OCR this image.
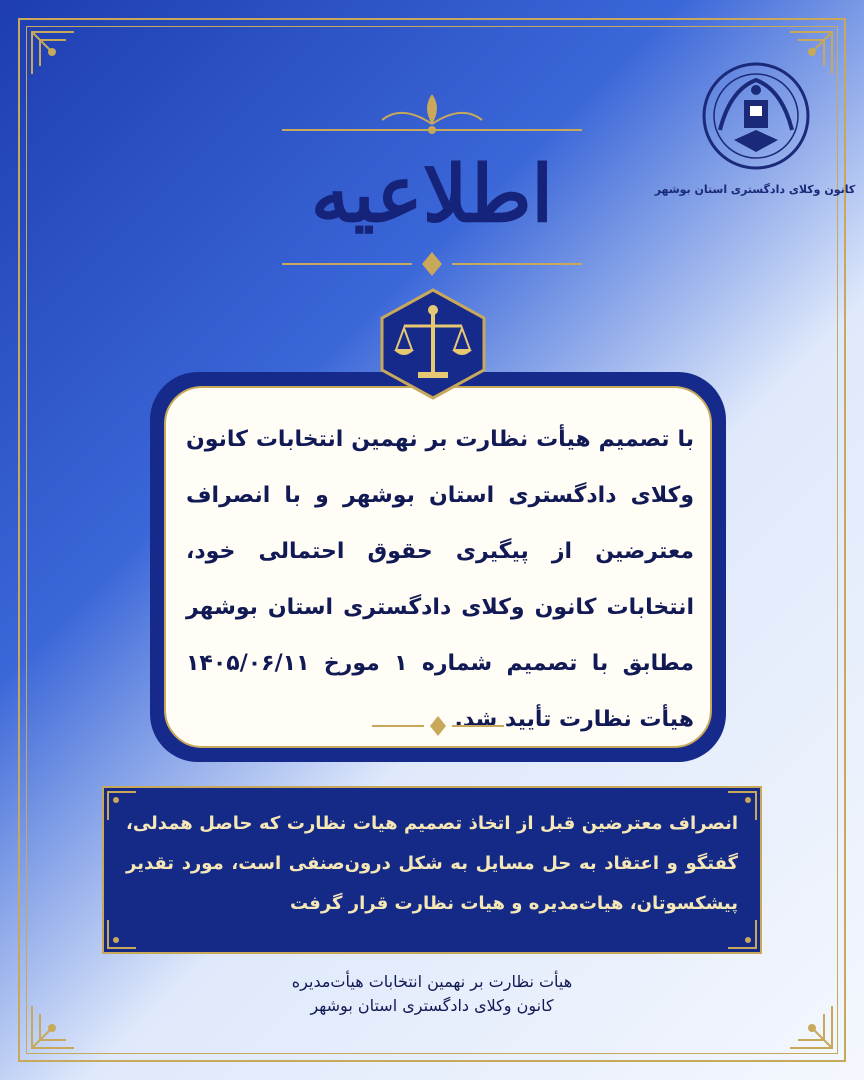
کانون وکلای دادگستری استان بوشهر
اطلاعیه
با تصمیم هیأت نظارت بر نهمین انتخابات کانون وکلای دادگستری استان بوشهر و با انصراف معترضین از پیگیری حقوق احتمالی خود، انتخابات کانون وکلای دادگستری استان بوشهر مطابق با تصمیم شماره ۱ مورخ ۱۴۰۵/۰۶/۱۱ هیأت نظارت تأیید شد.
انصراف معترضین قبل از اتخاذ تصمیم هیات نظارت که حاصل همدلی، گفتگو و اعتقاد به حل مسایل به شکل درون‌صنفی است، مورد تقدیر پیشکسوتان، هیات‌مدیره و هیات نظارت قرار گرفت
هیأت نظارت بر نهمین انتخابات هیأت‌مدیره
کانون وکلای دادگستری استان بوشهر
